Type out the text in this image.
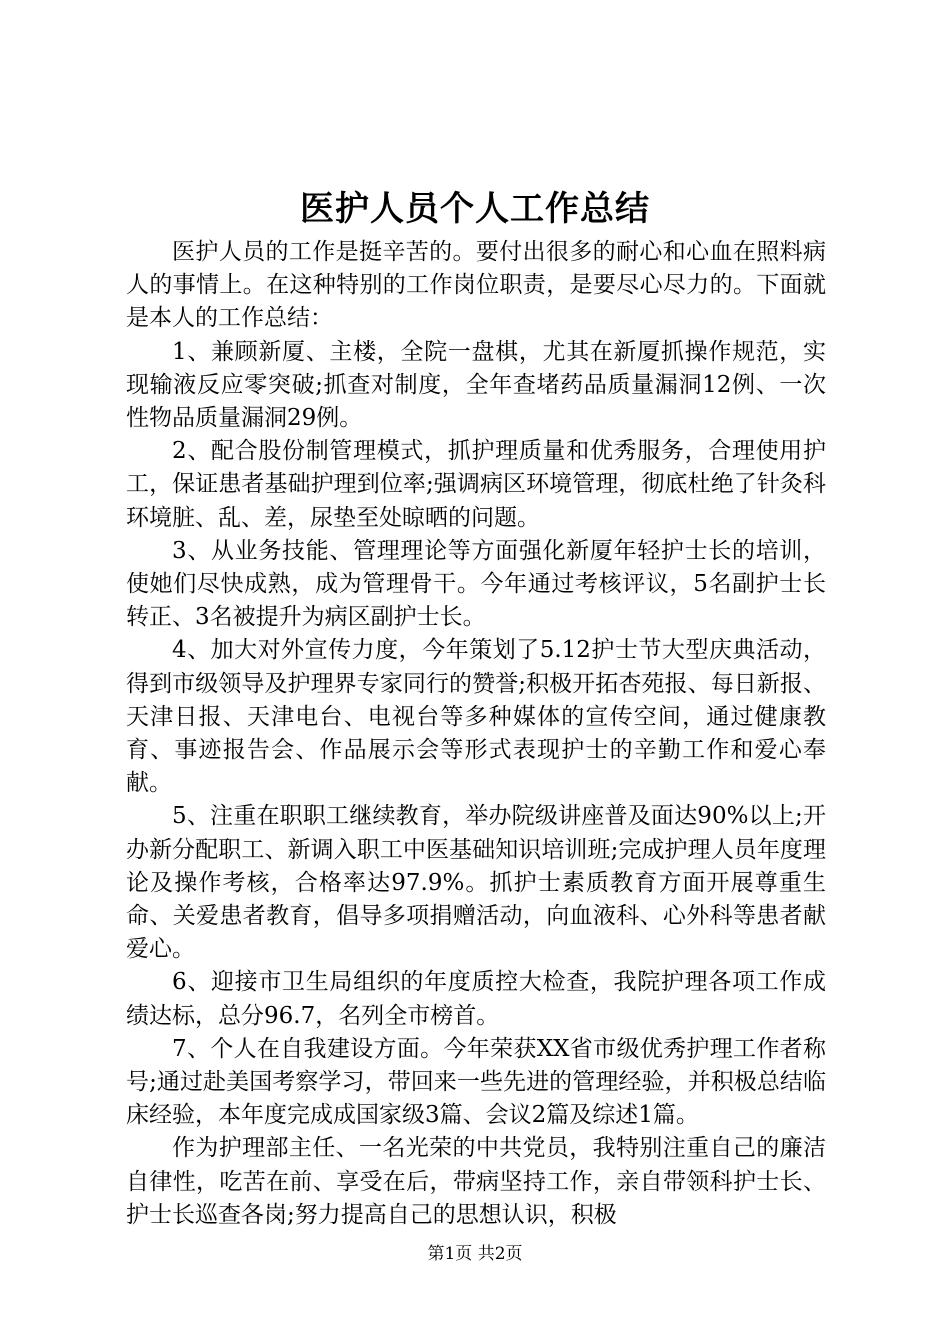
医护人员个人工作总结

医护人员的工作是挺辛苦的。要付出很多的耐心和心血在照料病人的事情上。在这种特别的工作岗位职责，是要尽心尽力的。下面就是本人的工作总结：

1、兼顾新厦、主楼，全院一盘棋，尤其在新厦抓操作规范，实现输液反应零突破;抓查对制度，全年查堵药品质量漏洞12例、一次性物品质量漏洞29例。

2、配合股份制管理模式，抓护理质量和优秀服务，合理使用护工，保证患者基础护理到位率;强调病区环境管理，彻底杜绝了针灸科环境脏、乱、差，尿垫至处晾晒的问题。

3、从业务技能、管理理论等方面强化新厦年轻护士长的培训，使她们尽快成熟，成为管理骨干。今年通过考核评议，5名副护士长转正、3名被提升为病区副护士长。

4、加大对外宣传力度，今年策划了5.12护士节大型庆典活动，得到市级领导及护理界专家同行的赞誉;积极开拓杏苑报、每日新报、天津日报、天津电台、电视台等多种媒体的宣传空间，通过健康教育、事迹报告会、作品展示会等形式表现护士的辛勤工作和爱心奉献。

5、注重在职职工继续教育，举办院级讲座普及面达90%以上;开办新分配职工、新调入职工中医基础知识培训班;完成护理人员年度理论及操作考核，合格率达97.9%。抓护士素质教育方面开展尊重生命、关爱患者教育，倡导多项捐赠活动，向血液科、心外科等患者献爱心。

6、迎接市卫生局组织的年度质控大检查，我院护理各项工作成绩达标，总分96.7，名列全市榜首。

7、个人在自我建设方面。今年荣获XX省市级优秀护理工作者称号;通过赴美国考察学习，带回来一些先进的管理经验，并积极总结临床经验，本年度完成成国家级3篇、会议2篇及综述1篇。

作为护理部主任、一名光荣的中共党员，我特别注重自己的廉洁自律性，吃苦在前、享受在后，带病坚持工作，亲自带领科护士长、护士长巡查各岗;努力提高自己的思想认识，积极

第1页 共2页
